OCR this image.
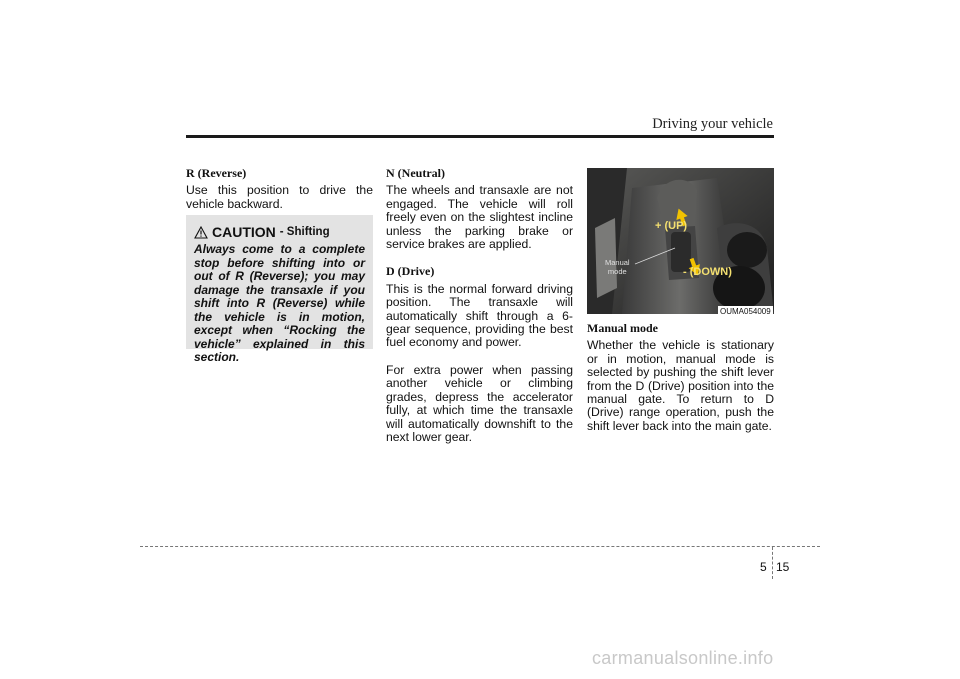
Driving your vehicle
R (Reverse)
Use this position to drive the vehicle backward.
CAUTION - Shifting
Always come to a complete stop before shifting into or out of R (Reverse); you may damage the transaxle if you shift into R (Reverse) while the vehicle is in motion, except when “Rocking the vehicle” explained in this section.
N (Neutral)
The wheels and transaxle are not engaged. The vehicle will roll freely even on the slightest incline unless the parking brake or service brakes are applied.
D (Drive)
This is the normal forward driving position. The transaxle will automatically shift through a 6-gear sequence, providing the best fuel economy and power.
For extra power when passing another vehicle or climbing grades, depress the accelerator fully, at which time the transaxle will automatically downshift to the next lower gear.
+ (UP)
- (DOWN)
Manual
mode
OUMA054009
Manual mode
Whether the vehicle is stationary or in motion, manual mode is selected by pushing the shift lever from the D (Drive) position into the manual gate. To return to D (Drive) range operation, push the shift lever back into the main gate.
5 15
carmanualsonline.info
